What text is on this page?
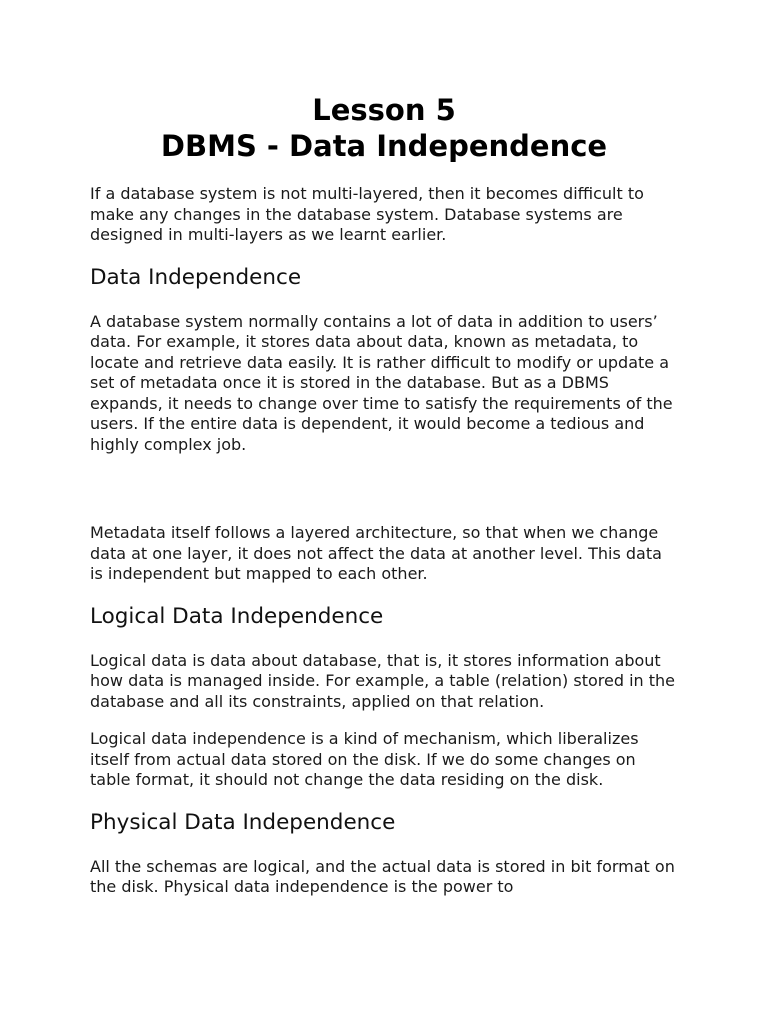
Lesson 5
DBMS - Data Independence

If a database system is not multi-layered, then it becomes difficult to make any changes in the database system. Database systems are designed in multi-layers as we learnt earlier.

Data Independence

A database system normally contains a lot of data in addition to users’ data. For example, it stores data about data, known as metadata, to locate and retrieve data easily. It is rather difficult to modify or update a set of metadata once it is stored in the database. But as a DBMS expands, it needs to change over time to satisfy the requirements of the users. If the entire data is dependent, it would become a tedious and highly complex job.

Metadata itself follows a layered architecture, so that when we change data at one layer, it does not affect the data at another level. This data is independent but mapped to each other.

Logical Data Independence

Logical data is data about database, that is, it stores information about how data is managed inside. For example, a table (relation) stored in the database and all its constraints, applied on that relation.

Logical data independence is a kind of mechanism, which liberalizes itself from actual data stored on the disk. If we do some changes on table format, it should not change the data residing on the disk.

Physical Data Independence

All the schemas are logical, and the actual data is stored in bit format on the disk. Physical data independence is the power to
